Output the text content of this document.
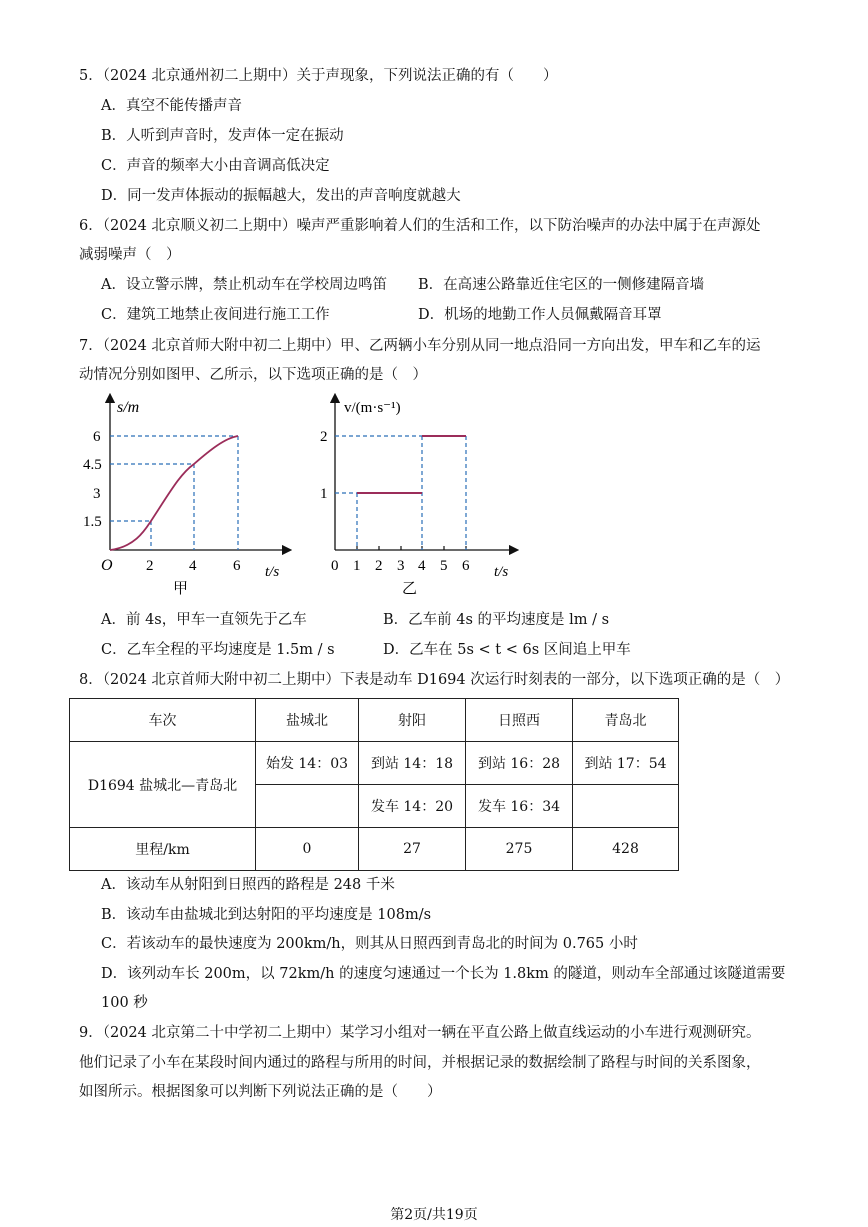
5．（2024 北京通州初二上期中）关于声现象，下列说法正确的有（　　）
A．真空不能传播声音
B．人听到声音时，发声体一定在振动
C．声音的频率大小由音调高低决定
D．同一发声体振动的振幅越大，发出的声音响度就越大
6．（2024 北京顺义初二上期中）噪声严重影响着人们的生活和工作，以下防治噪声的办法中属于在声源处
减弱噪声（　）
A．设立警示牌，禁止机动车在学校周边鸣笛 B．在高速公路靠近住宅区的一侧修建隔音墙
C．建筑工地禁止夜间进行施工工作	D．机场的地勤工作人员佩戴隔音耳罩
7．（2024 北京首师大附中初二上期中）甲、乙两辆小车分别从同一地点沿同一方向出发，甲车和乙车的运
动情况分别如图甲、乙所示，以下选项正确的是（　）
s/m
6
4.5
3
1.5
O 2 4 6 t/s
甲
v/(m·s⁻¹)
2
1
0 1 2 3 4 5 6 t/s
乙
A．前 4s，甲车一直领先于乙车	B．乙车前 4s 的平均速度是 lm / s
C．乙车全程的平均速度是 1.5m / s	D．乙车在 5s < t < 6s 区间追上甲车
8．（2024 北京首师大附中初二上期中）下表是动车 D1694 次运行时刻表的一部分，以下选项正确的是（　）
车次	盐城北	射阳	日照西	青岛北
D1694 盐城北—青岛北	始发 14：03	到站 14：18	到站 16：28	到站 17：54
		发车 14：20	发车 16：34	
里程/km	0	27	275	428
A．该动车从射阳到日照西的路程是 248 千米
B．该动车由盐城北到达射阳的平均速度是 108m/s
C．若该动车的最快速度为 200km/h，则其从日照西到青岛北的时间为 0.765 小时
D．该列动车长 200m，以 72km/h 的速度匀速通过一个长为 1.8km 的隧道，则动车全部通过该隧道需要
100 秒
9．（2024 北京第二十中学初二上期中）某学习小组对一辆在平直公路上做直线运动的小车进行观测研究。
他们记录了小车在某段时间内通过的路程与所用的时间，并根据记录的数据绘制了路程与时间的关系图象，
如图所示。根据图象可以判断下列说法正确的是（　　）
第2页/共19页
